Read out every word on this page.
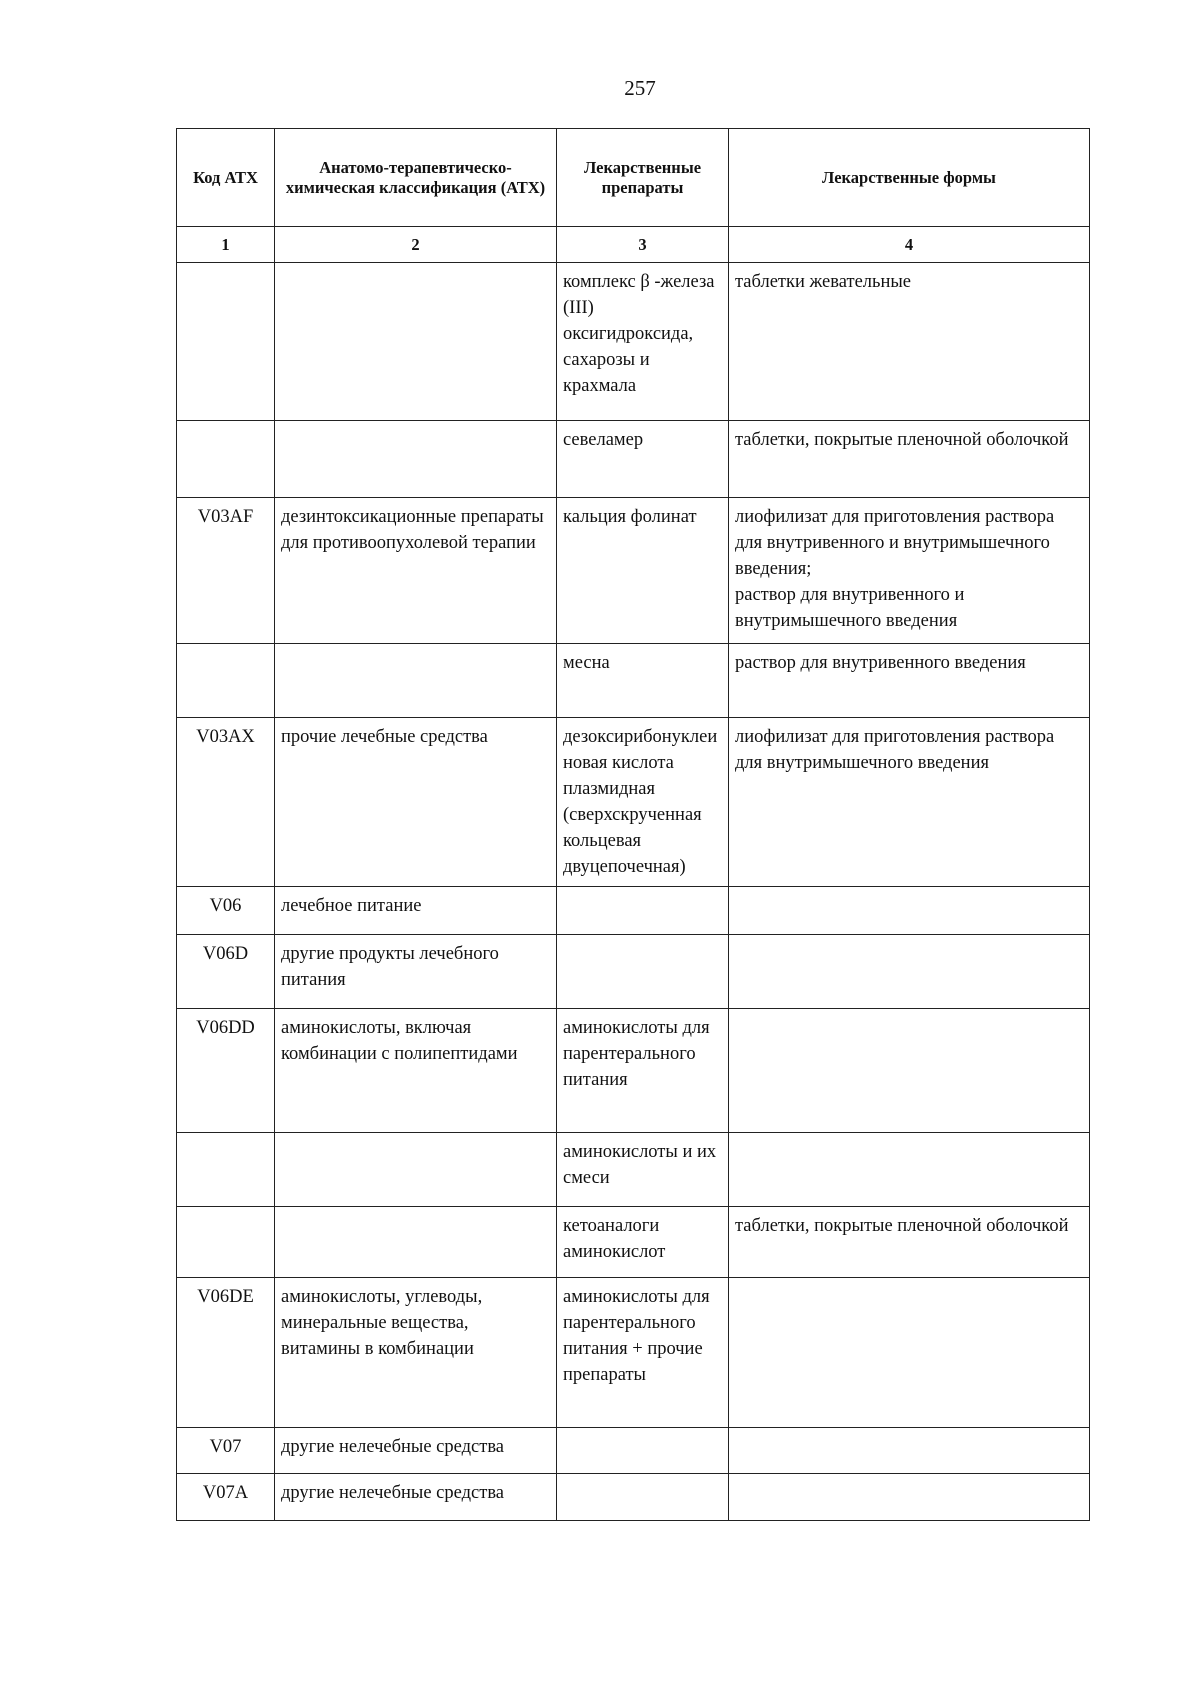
257
Код АТХ	Анатомо-терапевтическо-химическая классификация (АТХ)	Лекарственные препараты	Лекарственные формы
1	2	3	4
		комплекс β -железа (III) оксигидроксида, сахарозы и крахмала	таблетки жевательные

		севеламер	таблетки, покрытые пленочной оболочкой

V03AF	дезинтоксикационные препараты для противоопухолевой терапии	кальция фолинат	лиофилизат для приготовления раствора для внутривенного и внутримышечного введения;
раствор для внутривенного и внутримышечного введения

		месна	раствор для внутривенного введения

V03AX	прочие лечебные средства	дезоксирибонуклеиновая кислота плазмидная (сверхскрученная кольцевая двуцепочечная)	лиофилизат для приготовления раствора для внутримышечного введения

V06	лечебное питание		
V06D	другие продукты лечебного питания		
V06DD	аминокислоты, включая комбинации с полипептидами	аминокислоты для парентерального питания	
		аминокислоты и их смеси	
		кетоаналоги аминокислот	таблетки, покрытые пленочной оболочкой

V06DE	аминокислоты, углеводы, минеральные вещества, витамины в комбинации	аминокислоты для парентерального питания + прочие препараты	
V07	другие нелечебные средства		
V07A	другие нелечебные средства		
